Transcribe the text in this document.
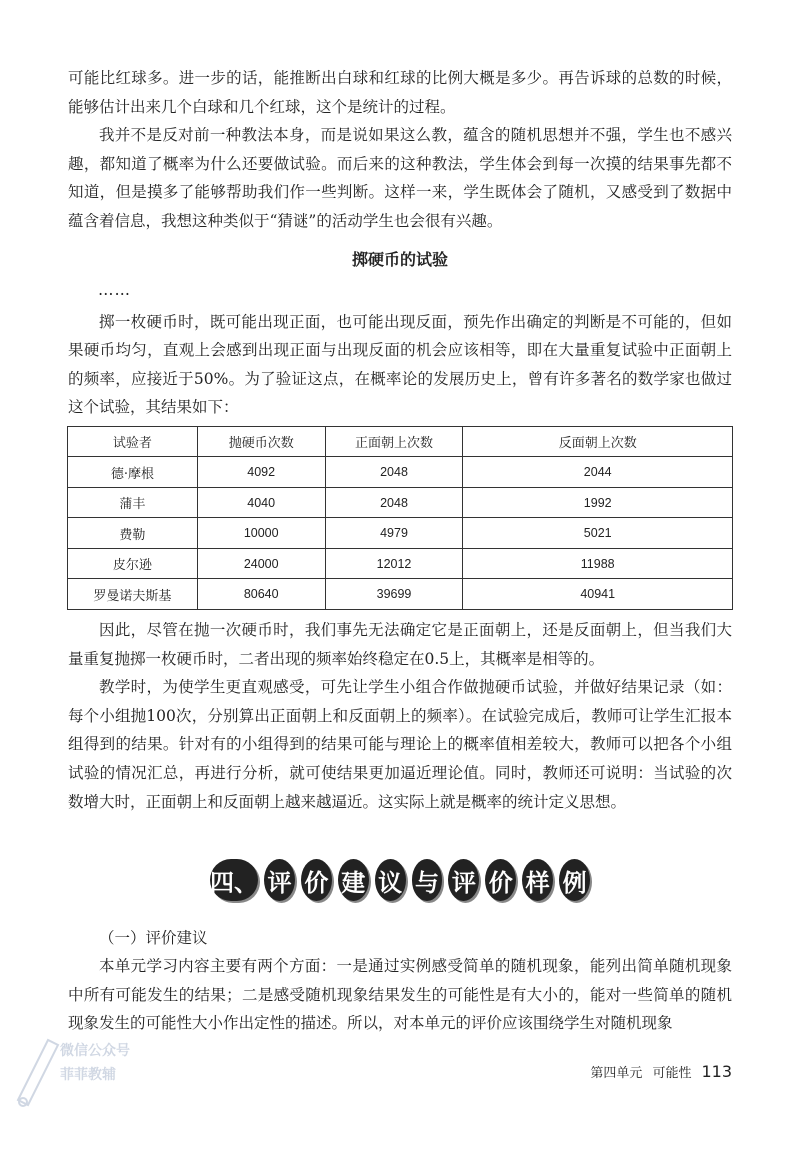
可能比红球多。进一步的话，能推断出白球和红球的比例大概是多少。再告诉球的总数的时候，能够估计出来几个白球和几个红球，这个是统计的过程。

我并不是反对前一种教法本身，而是说如果这么教，蕴含的随机思想并不强，学生也不感兴趣，都知道了概率为什么还要做试验。而后来的这种教法，学生体会到每一次摸的结果事先都不知道，但是摸多了能够帮助我们作一些判断。这样一来，学生既体会了随机，又感受到了数据中蕴含着信息，我想这种类似于“猜谜”的活动学生也会很有兴趣。

掷硬币的试验
……

掷一枚硬币时，既可能出现正面，也可能出现反面，预先作出确定的判断是不可能的，但如果硬币均匀，直观上会感到出现正面与出现反面的机会应该相等，即在大量重复试验中正面朝上的频率，应接近于50%。为了验证这点，在概率论的发展历史上，曾有许多著名的数学家也做过这个试验，其结果如下：

试验者	抛硬币次数	正面朝上次数	反面朝上次数
德·摩根	4092	2048	2044
蒲丰	4040	2048	1992
费勒	10000	4979	5021
皮尔逊	24000	12012	11988
罗曼诺夫斯基	80640	39699	40941

因此，尽管在抛一次硬币时，我们事先无法确定它是正面朝上，还是反面朝上，但当我们大量重复抛掷一枚硬币时，二者出现的频率始终稳定在0.5上，其概率是相等的。

教学时，为使学生更直观感受，可先让学生小组合作做抛硬币试验，并做好结果记录（如：每个小组抛100次，分别算出正面朝上和反面朝上的频率）。在试验完成后，教师可让学生汇报本组得到的结果。针对有的小组得到的结果可能与理论上的概率值相差较大，教师可以把各个小组试验的情况汇总，再进行分析，就可使结果更加逼近理论值。同时，教师还可说明：当试验的次数增大时，正面朝上和反面朝上越来越逼近。这实际上就是概率的统计定义思想。

四、 评 价 建 议 与 评 价 样 例
（一）评价建议

本单元学习内容主要有两个方面：一是通过实例感受简单的随机现象，能列出简单随机现象中所有可能发生的结果；二是感受随机现象结果发生的可能性是有大小的，能对一些简单的随机现象发生的可能性大小作出定性的描述。所以，对本单元的评价应该围绕学生对随机现象

微信公众号
菲菲教辅	第四单元 可能性 113
